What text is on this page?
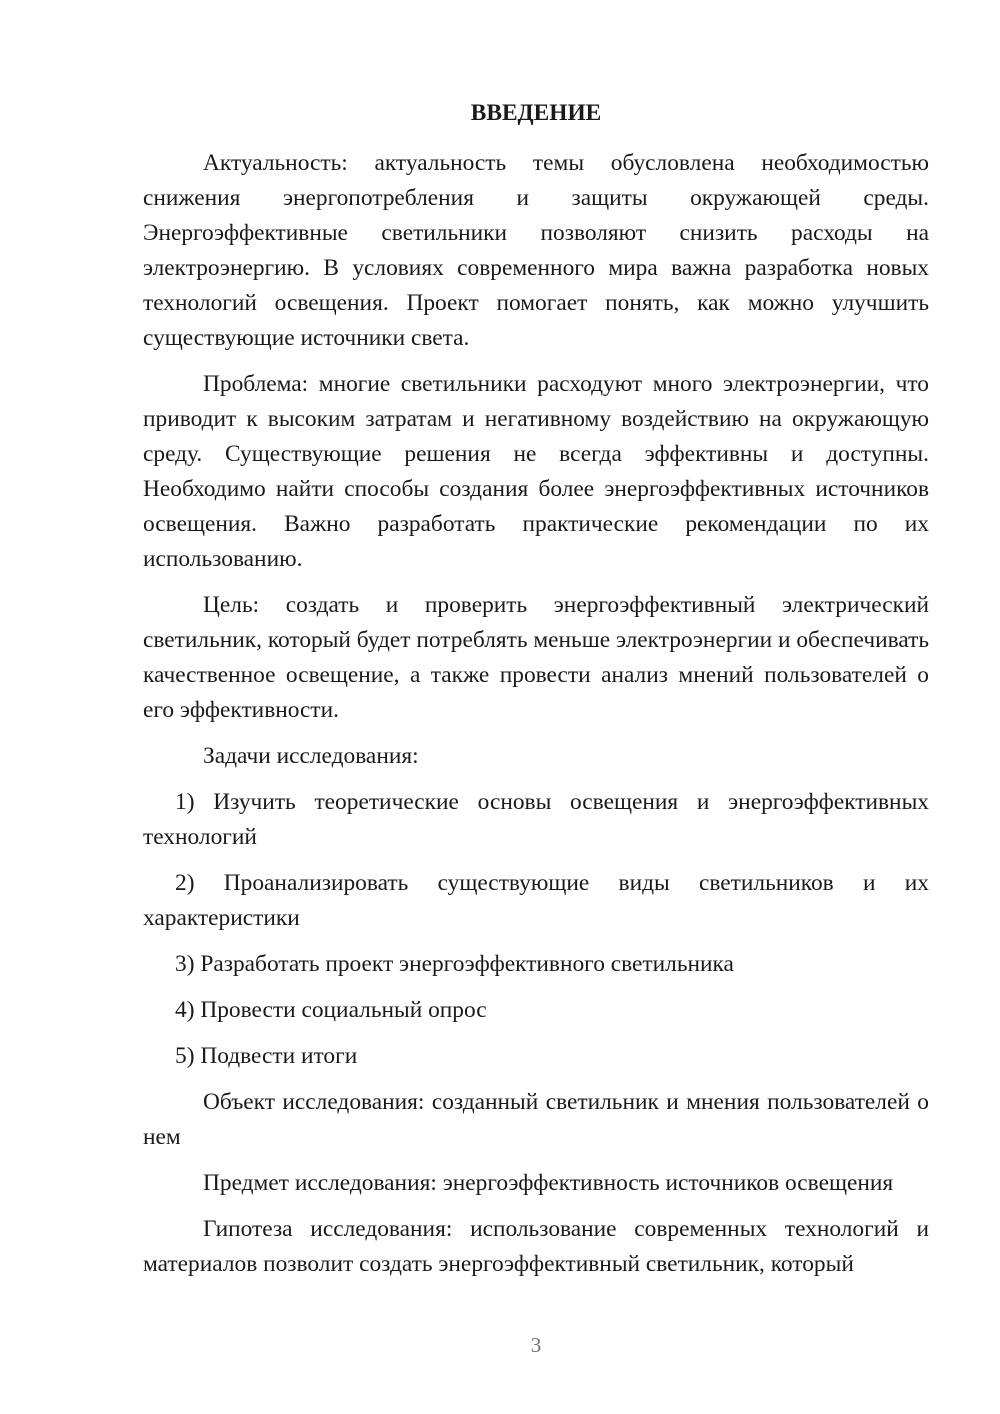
ВВЕДЕНИЕ

Актуальность: актуальность темы обусловлена необходимостью снижения энергопотребления и защиты окружающей среды. Энергоэффективные светильники позволяют снизить расходы на электроэнергию. В условиях современного мира важна разработка новых технологий освещения. Проект помогает понять, как можно улучшить существующие источники света.

Проблема: многие светильники расходуют много электроэнергии, что приводит к высоким затратам и негативному воздействию на окружающую среду. Существующие решения не всегда эффективны и доступны. Необходимо найти способы создания более энергоэффективных источников освещения. Важно разработать практические рекомендации по их использованию.

Цель: создать и проверить энергоэффективный электрический светильник, который будет потреблять меньше электроэнергии и обеспечивать качественное освещение, а также провести анализ мнений пользователей о его эффективности.

Задачи исследования:

1) Изучить теоретические основы освещения и энергоэффективных технологий

2) Проанализировать существующие виды светильников и их характеристики

3) Разработать проект энергоэффективного светильника

4) Провести социальный опрос

5) Подвести итоги

Объект исследования: созданный светильник и мнения пользователей о нем

Предмет исследования: энергоэффективность источников освещения

Гипотеза исследования: использование современных технологий и материалов позволит создать энергоэффективный светильник, который

3
